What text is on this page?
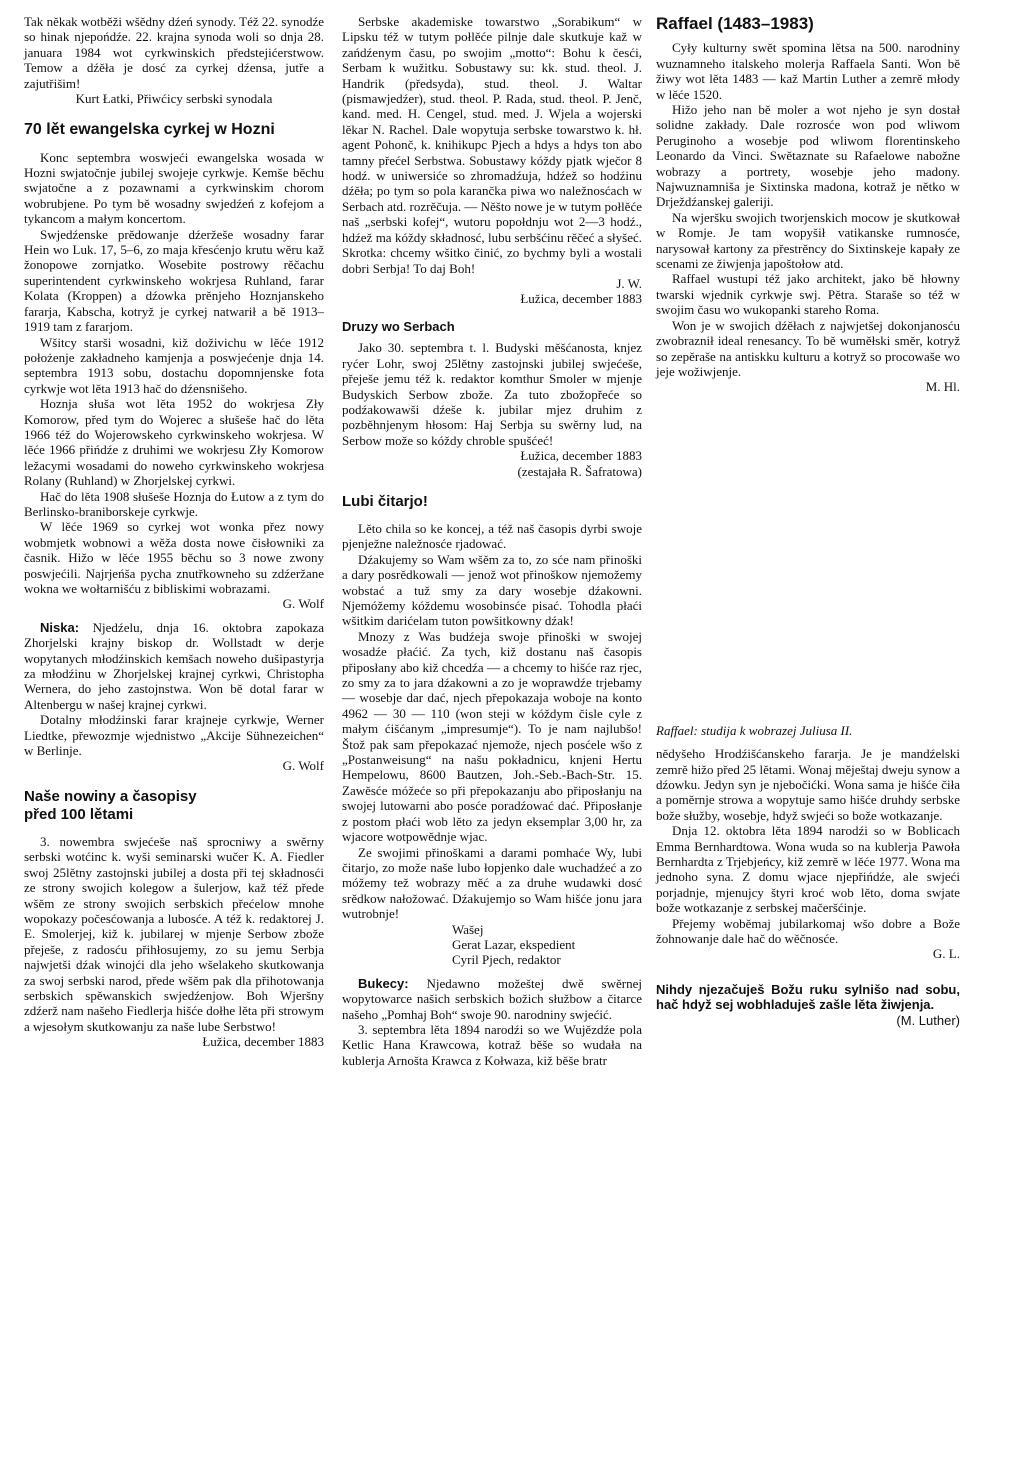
Tak někak wotběži wšědny dźeń synody. Též 22. synodźe so hinak njepońdźe. 22. krajna synoda woli so dnja 28. januara 1984 wot cyrkwinskich předstejićerstwow. Temow a dźěła je dosć za cyrkej dźensa, jutře a zajutřišim!

Kurt Łatki, Přiwćicy serbski synodala

70 lět ewangelska cyrkej w Hozni

Konc septembra woswjeći ewangelska wosada w Hozni swjatočnje jubilej swojeje cyrkwje. Kemše běchu swjatočne a z pozawnami a cyrkwinskim chorom wobrubjene. Po tym bě wosadny swjedźeń z kofejom a tykancom a małym koncertom.

Swjedźenske prědowanje dźeržeše wosadny farar Hein wo Luk. 17, 5–6, zo maja křesćenjo krutu wěru kaž žonopowe zornjatko. Wosebite postrowy rěčachu superintendent cyrkwinskeho wokrjesa Ruhland, farar Kolata (Kroppen) a dźowka prěnjeho Hoznjanskeho fararja, Kabscha, kotryž je cyrkej natwarił a bě 1913–1919 tam z fararjom.

Wšitcy starši wosadni, kiž doživichu w lěće 1912 położenje zakładneho kamjenja a poswjećenje dnja 14. septembra 1913 sobu, dostachu dopomnjenske fota cyrkwje wot lěta 1913 hač do dźensnišeho.

Hoznja słuša wot lěta 1952 do wokrjesa Zły Komorow, před tym do Wojerec a słušeše hač do lěta 1966 též do Wojerowskeho cyrkwinskeho wokrjesa. W lěće 1966 přińdźe z druhimi we wokrjesu Zły Komorow ležacymi wosadami do noweho cyrkwinskeho wokrjesa Rolany (Ruhland) w Zhorjelskej cyrkwi.

Hač do lěta 1908 słušeše Hoznja do Łutow a z tym do Berlinsko-braniborskeje cyrkwje.

W lěće 1969 so cyrkej wot wonka přez nowy wobmjetk wobnowi a wěža dosta nowe čisłowniki za časnik. Hižo w lěće 1955 běchu so 3 nowe zwony poswjećili. Najrjeńša pycha znutřkowneho su zdźeržane wokna we wołtarnišću z bibliskimi wobrazami.

G. Wolf

Niska: Njedźelu, dnja 16. oktobra zapokaza Zhorjelski krajny biskop dr. Wollstadt w derje wopytanych młodźinskich kemšach noweho dušipastyrja za młodźinu w Zhorjelskej krajnej cyrkwi, Christopha Wernera, do jeho zastojnstwa. Won bě dotal farar w Altenbergu w našej krajnej cyrkwi.

Dotalny młodźinski farar krajneje cyrkwje, Werner Liedtke, přewozmje wjednistwo „Akcije Sühnezeichen“ w Berlinje.

G. Wolf

Naše nowiny a časopisy
před 100 lětami

3. nowembra swjećeše naš sprocniwy a swěrny serbski wotćinc k. wyši seminarski wučer K. A. Fiedler swoj 25lětny zastojnski jubilej a dosta při tej składnosći ze strony swojich kolegow a šulerjow, kaž též přede wšěm ze strony swojich serbskich přećelow mnohe wopokazy počesćowanja a lubosće. A též k. redaktorej J. E. Smolerjej, kiž k. jubilarej w mjenje Serbow zbože přeješe, z radosću přihłosujemy, zo su jemu Serbja najwjetši dźak winojći dla jeho wšelakeho skutkowanja za swoj serbski narod, přede wšěm pak dla přihotowanja serbskich spěwanskich swjedźenjow. Boh Wjeršny zdźerž nam našeho Fiedlerja hišće dołhe lěta při strowym a wjesołym skutkowanju za naše lube Serbstwo!

Łužica, december 1883

Serbske akademiske towarstwo „Sorabikum“ w Lipsku též w tutym połlěće pilnje dale skutkuje kaž w zańdźenym času, po swojim „motto“: Bohu k česći, Serbam k wužitku. Sobustawy su: kk. stud. theol. J. Handrik (předsyda), stud. theol. J. Waltar (pismawjedźer), stud. theol. P. Rada, stud. theol. P. Jenč, kand. med. H. Cengel, stud. med. J. Wjela a wojerski lěkar N. Rachel. Dale wopytuja serbske towarstwo k. hł. agent Pohonč, k. knihikupc Pjech a hdys a hdys ton abo tamny přećel Serbstwa. Sobustawy kóždy pjatk wječor 8 hodź. w uniwersiće so zhromadźuja, hdźež so hodźinu dźěła; po tym so pola karančka piwa wo naležnosćach w Serbach atd. rozrěčuja. — Něšto nowe je w tutym połlěće naš „serbski kofej“, wutoru popołdnju wot 2—3 hodź., hdźež ma kóždy składnosć, lubu serbšćinu rěčeć a słyšeć. Skrotka: chcemy wšitko činić, zo bychmy byli a wostali dobri Serbja! To daj Boh!

J. W.

Łužica, december 1883

Druzy wo Serbach

Jako 30. septembra t. l. Budyski měšćanosta, knjez ryćer Lohr, swoj 25lětny zastojnski jubilej swjećeše, přeješe jemu též k. redaktor komthur Smoler w mjenje Budyskich Serbow zbože. Za tuto zbožopřeće so podźakowawši dźeše k. jubilar mjez druhim z pozběhnjenym hłosom: Haj Serbja su swěrny lud, na Serbow može so kóždy chroble spušćeć!

Łužica, december 1883

(zestajała R. Šafratowa)

Lubi čitarjo!

Lěto chila so ke koncej, a též naš časopis dyrbi swoje pjenježne naležnosće rjadować.

Dźakujemy so Wam wšěm za to, zo sće nam přinoški a dary posrědkowali — jenož wot přinoškow njemožemy wobstać a tuž smy za dary wosebje dźakowni. Njemóžemy kóždemu wosobinsće pisać. Tohodla płaći wšitkim darićelam tuton powšitkowny dźak!

Mnozy z Was budźeja swoje přinoški w swojej wosadźe płaćić. Za tych, kiž dostanu naš časopis připosłany abo kiž chcedźa — a chcemy to hišće raz rjec, zo smy za to jara dźakowni a zo je woprawdźe trjebamy — wosebje dar dać, njech přepokazaja woboje na konto 4962 — 30 — 110 (won steji w kóždym čisle cyle z małym ćišćanym „impresumje“). To je nam najlubšo! Štož pak sam přepokazać njemože, njech posćele wšo z „Postanweisung“ na našu pokładnicu, knjeni Hertu Hempelowu, 8600 Bautzen, Joh.-Seb.-Bach-Str. 15. Zawěsće móžeće so při přepokazanju abo připosłanju na swojej lutowarni abo posće poradźować dać. Připosłanje z postom płaći wob lěto za jedyn eksemplar 3,00 hr, za wjacore wotpowědnje wjac.

Ze swojimi přinoškami a darami pomhaće Wy, lubi čitarjo, zo može naše lubo łopjenko dale wuchadźeć a zo móžemy tež wobrazy měć a za druhe wudawki dosć srědkow nałožować. Dźakujemjo so Wam hišće jonu jara wutrobnje!

Wašej

Gerat Lazar, ekspedient

Cyril Pjech, redaktor

Bukecy: Njedawno možeštej dwě swěrnej wopytowarce našich serbskich božich słužbow a čitarce našeho „Pomhaj Boh“ swoje 90. narodniny swjećić.

3. septembra lěta 1894 narodźi so we Wujězdźe pola Ketlic Hana Krawcowa, kotraž běše so wudała na kublerja Arnošta Krawca z Kołwaza, kiž běše bratr

Raffael (1483–1983)

Cyły kulturny swět spomina lětsa na 500. narodniny wuznamneho italskeho molerja Raffaela Santi. Won bě žiwy wot lěta 1483 — kaž Martin Luther a zemrě młody w lěće 1520.

Hižo jeho nan bě moler a wot njeho je syn dostał solidne zakłady. Dale rozrosće won pod wliwom Peruginoho a wosebje pod wliwom florentinskeho Leonardo da Vinci. Swětaznate su Rafaelowe nabožne wobrazy a portrety, wosebje jeho madony. Najwuznamniša je Sixtinska madona, kotraž je nětko w Drježdźanskej galeriji.

Na wjeršku swojich tworjenskich mocow je skutkował w Romje. Je tam wopyšił vatikanske rumnosće, narysował kartony za přestrěncy do Sixtinskeje kapały ze scenami ze žiwjenja japoštołow atd.

Raffael wustupi též jako architekt, jako bě hłowny twarski wjednik cyrkwje swj. Pětra. Staraše so též w swojim času wo wukopanki stareho Roma.

Won je w swojich dźěłach z najwjetšej dokonjanosću zwobraznił ideal renesancy. To bě wuměłski směr, kotryž so zepěraše na antiskku kulturu a kotryž so procowaše wo jeje wožiwjenje.

M. Hl.

Raffael: studija k wobrazej Juliusa II.

nědyšeho Hrodźišćanskeho fararja. Je je mandźelski zemrě hižo před 25 lětami. Wonaj měještaj dweju synow a dźowku. Jedyn syn je njebočićki. Wona sama je hišće čiła a poměrnje strowa a wopytuje samo hišće druhdy serbske bože słužby, wosebje, hdyž swjeći so bože wotkazanje.

Dnja 12. oktobra lěta 1894 narodźi so w Boblicach Emma Bernhardtowa. Wona wuda so na kublerja Pawoła Bernhardta z Trjebjeńcy, kiž zemrě w lěće 1977. Wona ma jednoho syna. Z domu wjace njepřińdźe, ale swjeći porjadnje, mjenujcy štyri kroć wob lěto, doma swjate bože wotkazanje z serbskej mačeršćinje.

Přejemy woběmaj jubilarkomaj wšo dobre a Bože žohnowanje dale hač do wěčnosće.

G. L.

Nihdy njezačuješ Božu ruku sylnišo nad sobu, hač hdyž sej wobhladuješ zašle lěta žiwjenja.
(M. Luther)
